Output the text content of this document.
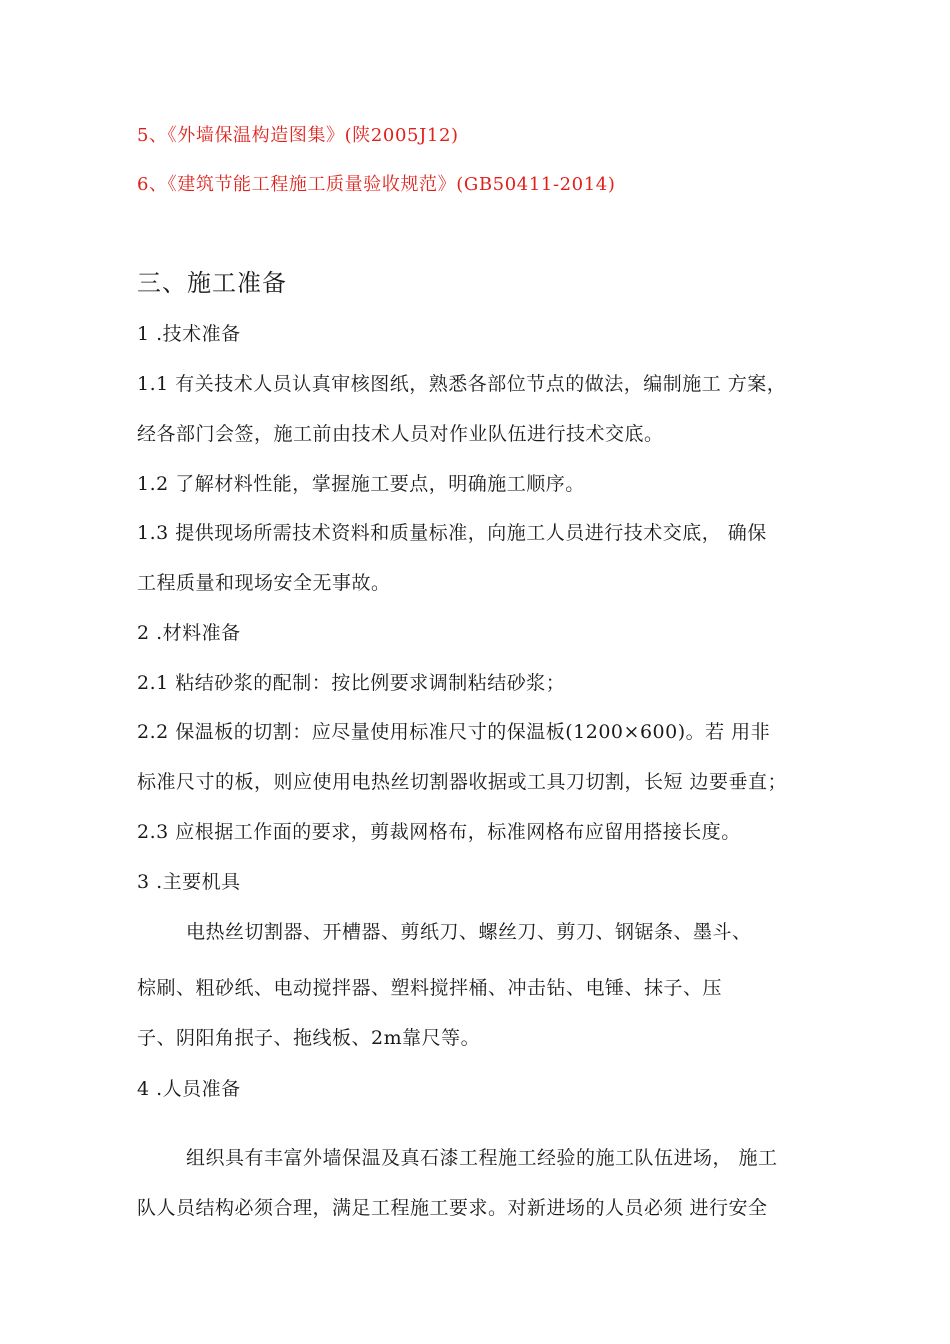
5、《外墙保温构造图集》(陕2005J12)
6、《建筑节能工程施工质量验收规范》(GB50411-2014)
三、施工准备
1 .技术准备
1.1 有关技术人员认真审核图纸，熟悉各部位节点的做法，编制施工 方案，
经各部门会签，施工前由技术人员对作业队伍进行技术交底。
1.2 了解材料性能，掌握施工要点，明确施工顺序。
1.3 提供现场所需技术资料和质量标准，向施工人员进行技术交底， 确保
工程质量和现场安全无事故。
2 .材料准备
2.1 粘结砂浆的配制：按比例要求调制粘结砂浆；
2.2 保温板的切割：应尽量使用标准尺寸的保温板(1200×600)。若 用非
标准尺寸的板，则应使用电热丝切割器收据或工具刀切割，长短 边要垂直；
2.3 应根据工作面的要求，剪裁网格布，标准网格布应留用搭接长度。
3 .主要机具
电热丝切割器、开槽器、剪纸刀、螺丝刀、剪刀、钢锯条、墨斗、
棕刷、粗砂纸、电动搅拌器、塑料搅拌桶、冲击钻、电锤、抹子、压
子、阴阳角抿子、拖线板、2m靠尺等。
4 .人员准备
组织具有丰富外墙保温及真石漆工程施工经验的施工队伍进场， 施工
队人员结构必须合理，满足工程施工要求。对新进场的人员必须 进行安全
